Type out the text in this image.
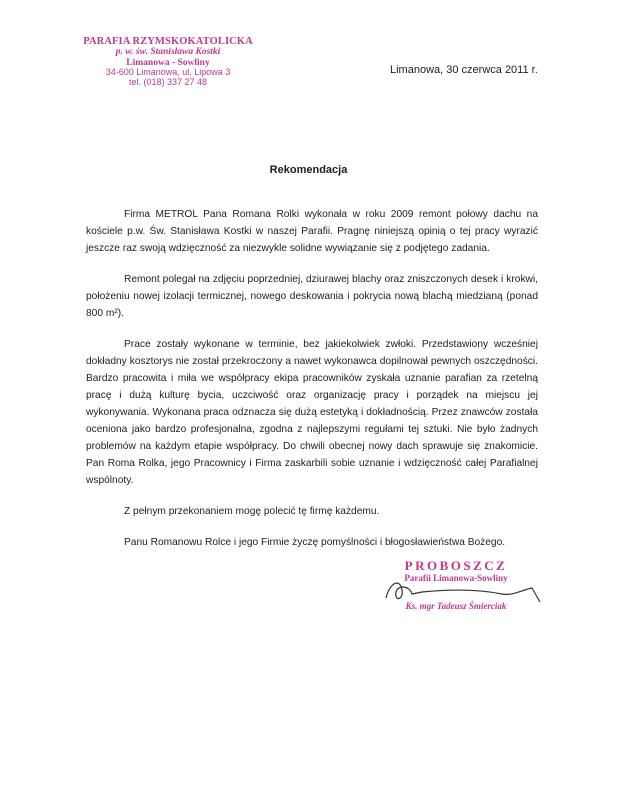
PARAFIA RZYMSKOKATOLICKA
p. w. św. Stanisława Kostki
Limanowa - Sowliny
34-600 Limanowa, ul. Lipowa 3
tel. (018) 337 27 48
Limanowa, 30 czerwca 2011 r.
Rekomendacja

Firma METROL Pana Romana Rolki wykonała w roku 2009 remont połowy dachu na kościele p.w. Św. Stanisława Kostki w naszej Parafii. Pragnę niniejszą opinią o tej pracy wyrazić jeszcze raz swoją wdzięczność za niezwykle solidne wywiązanie się z podjętego zadania.

Remont polegał na zdjęciu poprzedniej, dziurawej blachy oraz zniszczonych desek i krokwi, położeniu nowej izolacji termicznej, nowego deskowania i pokrycia nową blachą miedzianą (ponad 800 m²).

Prace zostały wykonane w terminie, bez jakiekolwiek zwłoki. Przedstawiony wcześniej dokładny kosztorys nie został przekroczony a nawet wykonawca dopilnował pewnych oszczędności. Bardzo pracowita i miła we współpracy ekipa pracowników zyskała uznanie parafian za rzetelną pracę i dużą kulturę bycia, uczciwość oraz organizację pracy i porządek na miejscu jej wykonywania. Wykonana praca odznacza się dużą estetyką i dokładnością. Przez znawców została oceniona jako bardzo profesjonalna, zgodna z najlepszymi regułami tej sztuki. Nie było żadnych problemów na każdym etapie współpracy. Do chwili obecnej nowy dach sprawuje się znakomicie. Pan Roma Rolka, jego Pracownicy i Firma zaskarbili sobie uznanie i wdzięczność całej Parafialnej wspólnoty.

Z pełnym przekonaniem mogę polecić tę firmę każdemu.

Panu Romanowu Rolce i jego Firmie życzę pomyślności i błogosławieństwa Bożego.

PROBOSZCZ
Parafii Limanowa-Sowliny
Ks. mgr Tadeusz Śmierciak
